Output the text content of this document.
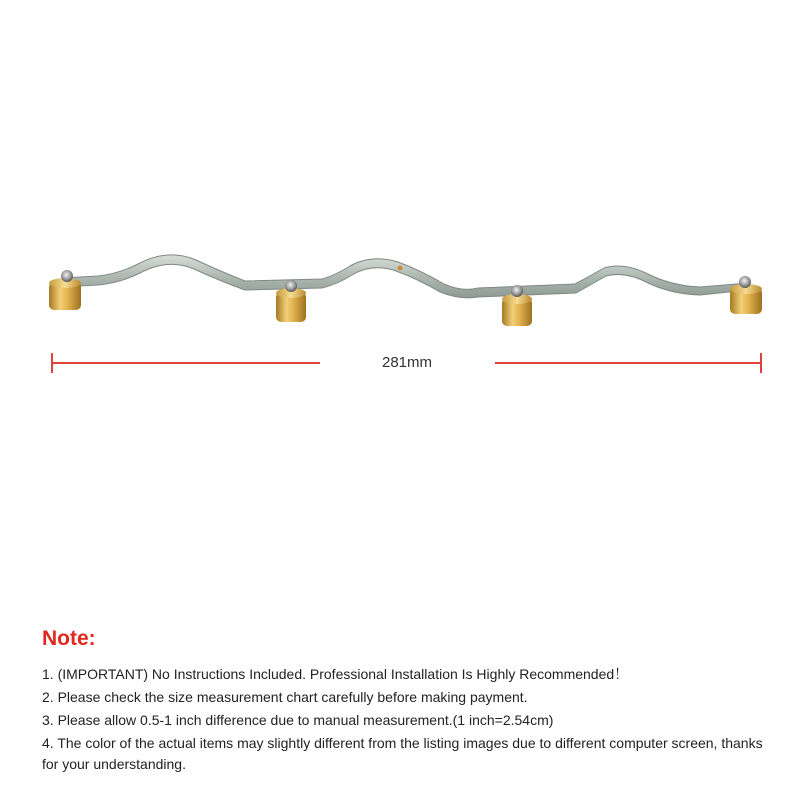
281mm
Note:
1. (IMPORTANT) No Instructions Included. Professional Installation Is Highly Recommended！
2. Please check the size measurement chart carefully before making payment.
3. Please allow 0.5-1 inch difference due to manual measurement.(1 inch=2.54cm)
4. The color of the actual items may slightly different from the listing images due to different computer screen, thanks for your understanding.
